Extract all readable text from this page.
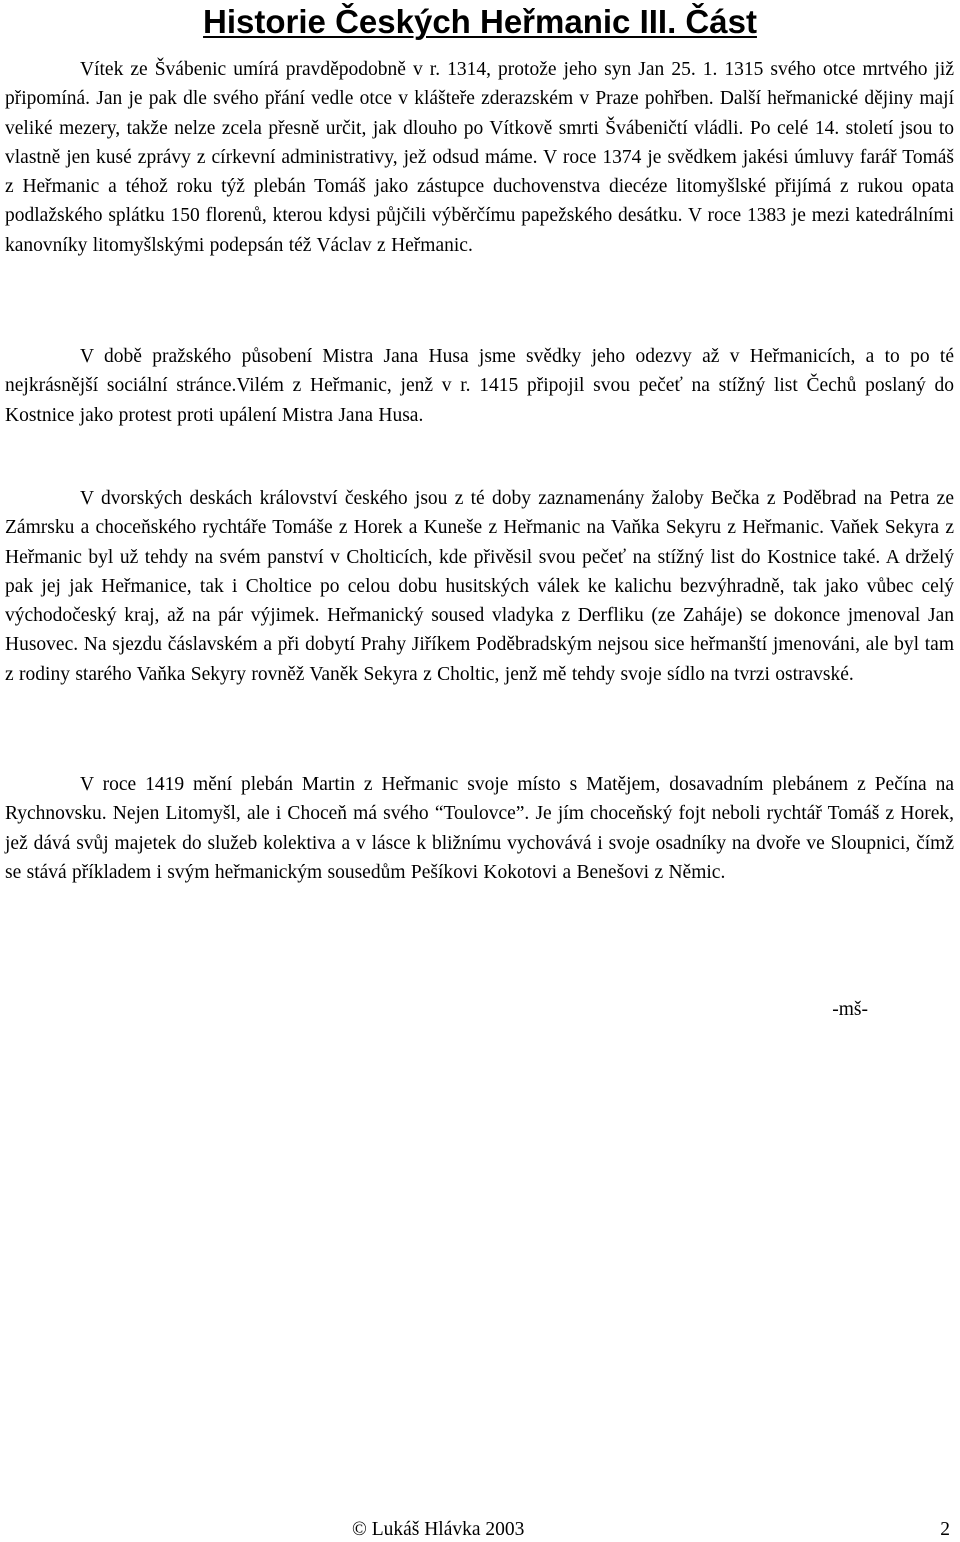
Historie Českých Heřmanic III. Část

Vítek ze Švábenic umírá pravděpodobně v r. 1314, protože jeho syn Jan 25. 1. 1315 svého otce mrtvého již připomíná. Jan je pak dle svého přání vedle otce v klášteře zderazském v Praze pohřben. Další heřmanické dějiny mají veliké mezery, takže nelze zcela přesně určit, jak dlouho po Vítkově smrti Švábeničtí vládli. Po celé 14. století jsou to vlastně jen kusé zprávy z církevní administrativy, jež odsud máme. V roce 1374 je svědkem jakési úmluvy farář Tomáš z Heřmanic a téhož roku týž plebán Tomáš jako zástupce duchovenstva diecéze litomyšlské přijímá z rukou opata podlažského splátku 150 florenů, kterou kdysi půjčili výběrčímu papežského desátku. V roce 1383 je mezi katedrálními kanovníky litomyšlskými podepsán též Václav z Heřmanic.

V době pražského působení Mistra Jana Husa jsme svědky jeho odezvy až v Heřmanicích, a to po té nejkrásnější sociální stránce.Vilém z Heřmanic, jenž v r. 1415 připojil svou pečeť na stížný list Čechů poslaný do Kostnice jako protest proti upálení Mistra Jana Husa.

V dvorských deskách království českého jsou z té doby zaznamenány žaloby Bečka z Poděbrad na Petra ze Zámrsku a choceňského rychtáře Tomáše z Horek a Kuneše z Heřmanic na Vaňka Sekyru z Heřmanic. Vaňek Sekyra z Heřmanic byl už tehdy na svém panství v Cholticích, kde přivěsil svou pečeť na stížný list do Kostnice také. A drželý pak jej jak Heřmanice, tak i Choltice po celou dobu husitských válek ke kalichu bezvýhradně, tak jako vůbec celý východočeský kraj, až na pár výjimek. Heřmanický soused vladyka z Derfliku (ze Zaháje) se dokonce jmenoval Jan Husovec. Na sjezdu čáslavském a při dobytí Prahy Jiříkem Poděbradským nejsou sice heřmanští jmenováni, ale byl tam z rodiny starého Vaňka Sekyry rovněž Vaněk Sekyra z Choltic, jenž mě tehdy svoje sídlo na tvrzi ostravské.

V roce 1419 mění plebán Martin z Heřmanic svoje místo s Matějem, dosavadním plebánem z Pečína na Rychnovsku. Nejen Litomyšl, ale i Choceň má svého “Toulovce”. Je jím choceňský fojt neboli rychtář Tomáš z Horek, jež dává svůj majetek do služeb kolektiva a v lásce k bližnímu vychovává i svoje osadníky na dvoře ve Sloupnici, čímž se stává příkladem i svým heřmanickým sousedům Pešíkovi Kokotovi a Benešovi z Němic.

-mš-

© Lukáš Hlávka 2003	2
